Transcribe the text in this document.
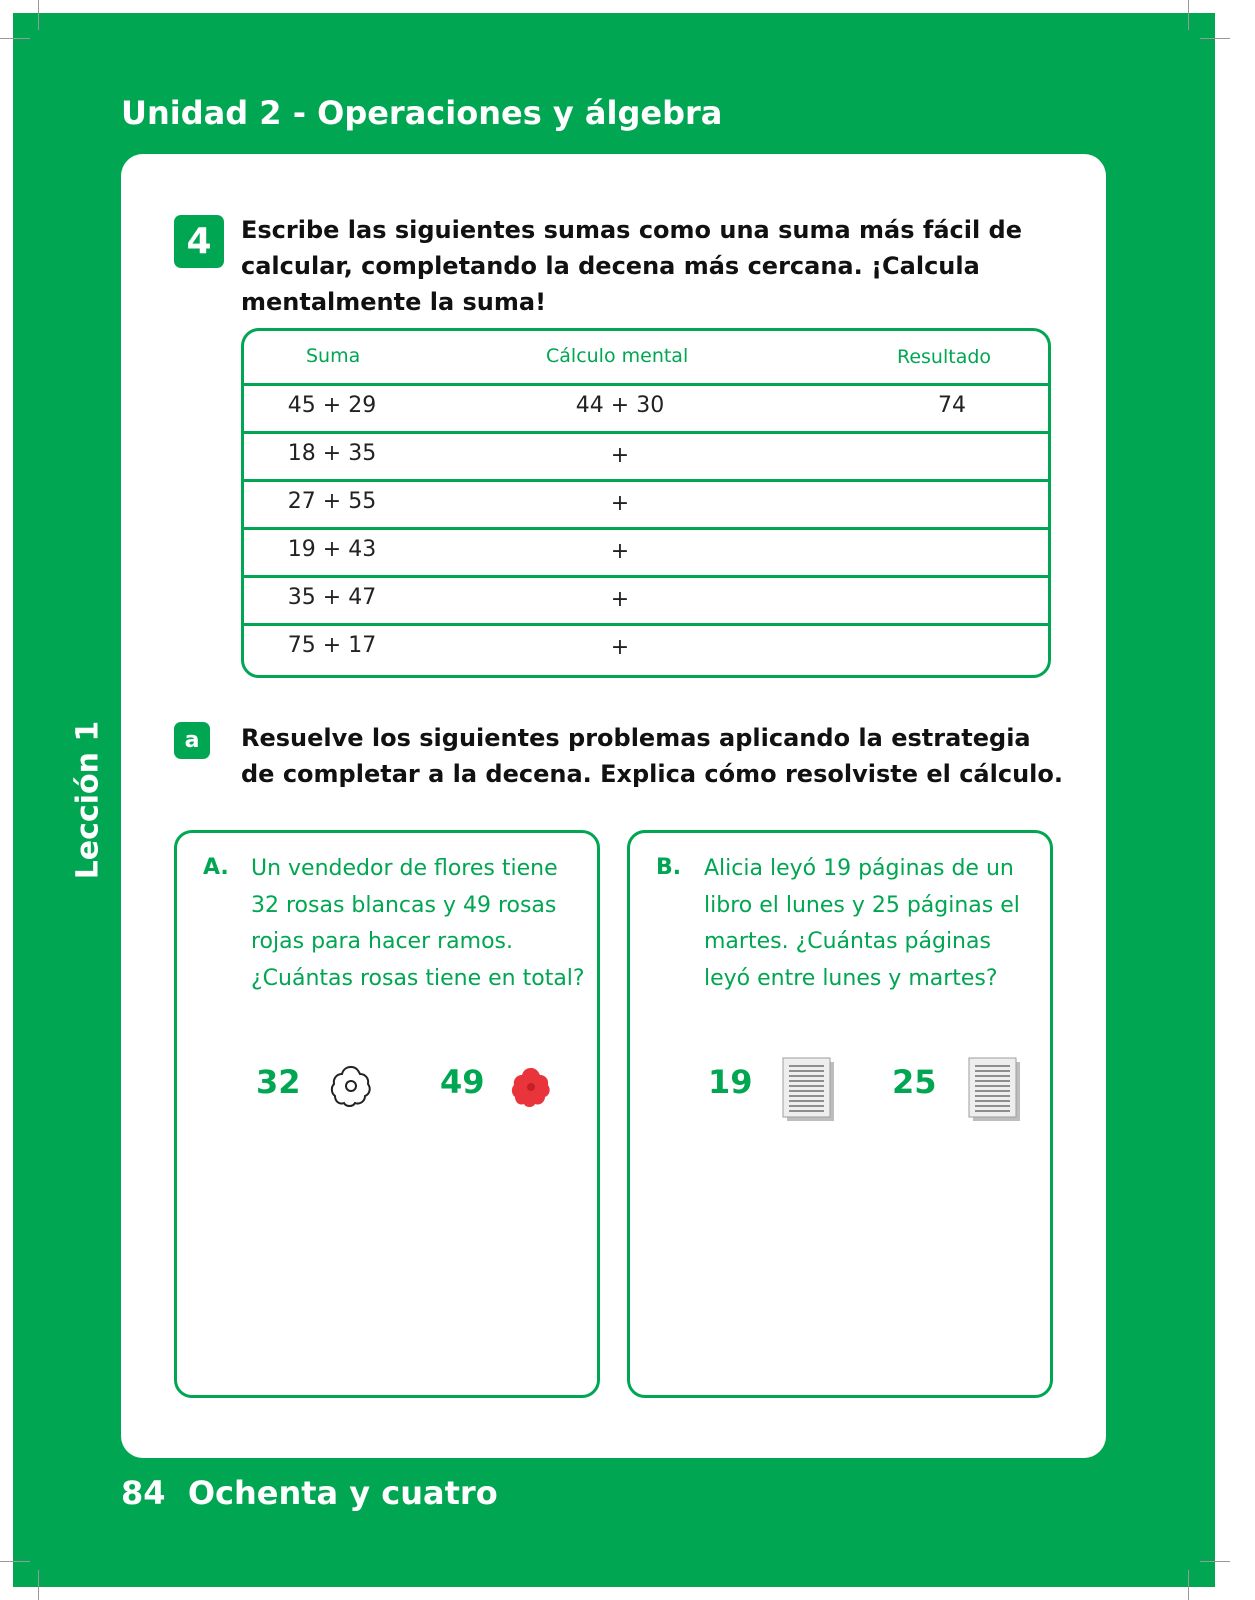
Unidad 2 - Operaciones y álgebra
Lección 1
4	Escribe las siguientes sumas como una suma más fácil de calcular, completando la decena más cercana. ¡Calcula mentalmente la suma!
Suma	Cálculo mental	Resultado
45 + 29	44 + 30	74
18 + 35	+
27 + 55	+
19 + 43	+
35 + 47	+
75 + 17	+
a	Resuelve los siguientes problemas aplicando la estrategia de completar a la decena. Explica cómo resolviste el cálculo.
A. Un vendedor de flores tiene 32 rosas blancas y 49 rosas rojas para hacer ramos. ¿Cuántas rosas tiene en total?
32	49
B. Alicia leyó 19 páginas de un libro el lunes y 25 páginas el martes. ¿Cuántas páginas leyó entre lunes y martes?
19	25
84 Ochenta y cuatro
